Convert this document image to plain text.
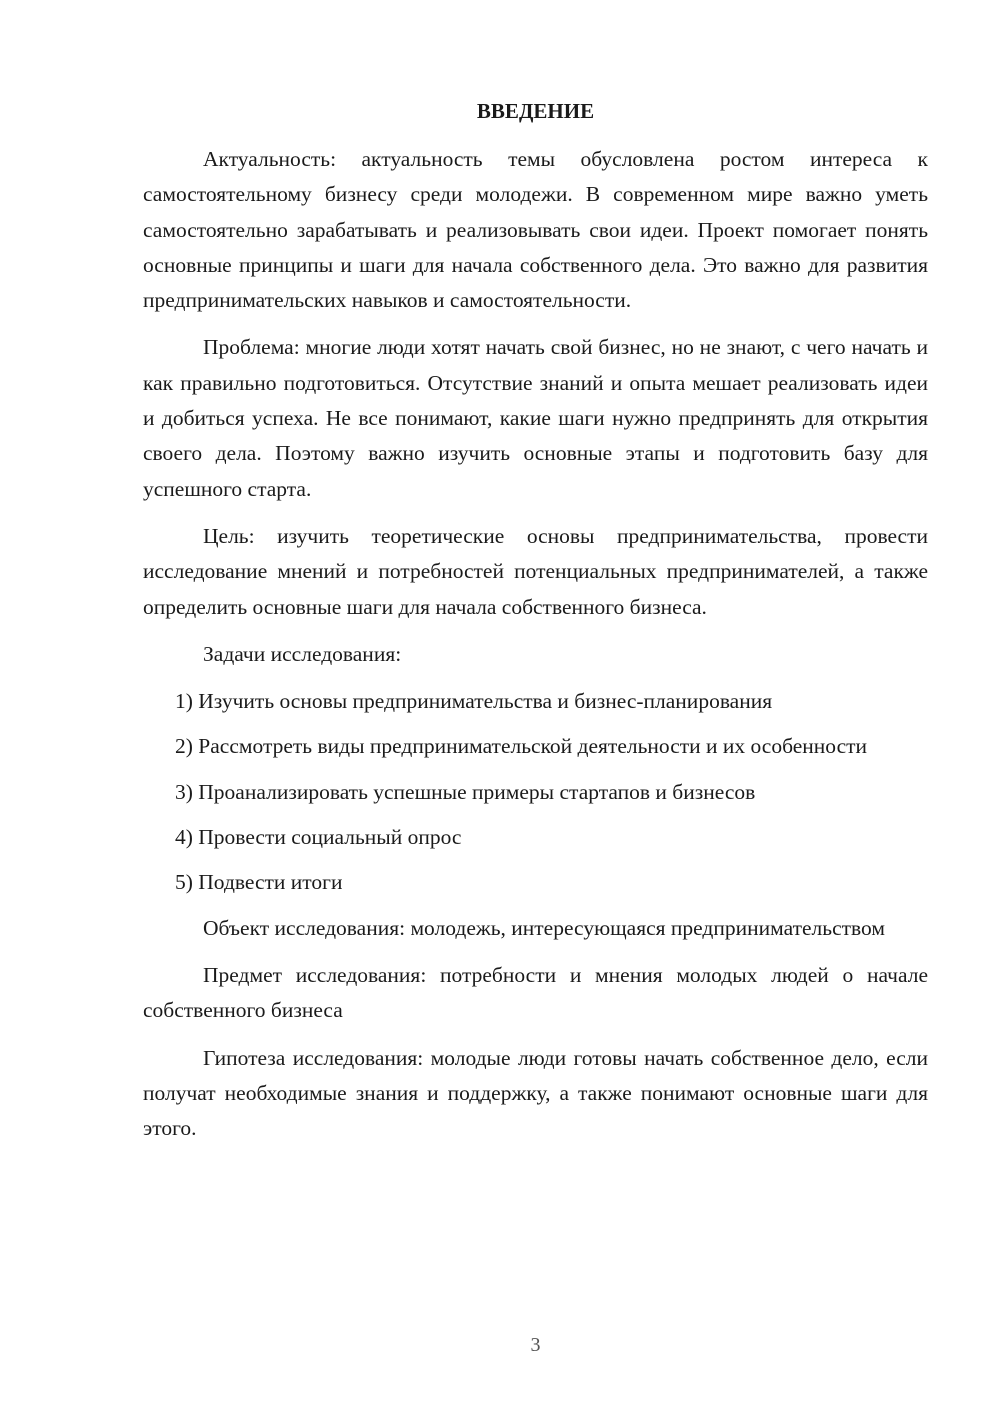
ВВЕДЕНИЕ

Актуальность: актуальность темы обусловлена ростом интереса к самостоятельному бизнесу среди молодежи. В современном мире важно уметь самостоятельно зарабатывать и реализовывать свои идеи. Проект помогает понять основные принципы и шаги для начала собственного дела. Это важно для развития предпринимательских навыков и самостоятельности.

Проблема: многие люди хотят начать свой бизнес, но не знают, с чего начать и как правильно подготовиться. Отсутствие знаний и опыта мешает реализовать идеи и добиться успеха. Не все понимают, какие шаги нужно предпринять для открытия своего дела. Поэтому важно изучить основные этапы и подготовить базу для успешного старта.

Цель: изучить теоретические основы предпринимательства, провести исследование мнений и потребностей потенциальных предпринимателей, а также определить основные шаги для начала собственного бизнеса.

Задачи исследования:

1) Изучить основы предпринимательства и бизнес-планирования

2) Рассмотреть виды предпринимательской деятельности и их особенности

3) Проанализировать успешные примеры стартапов и бизнесов

4) Провести социальный опрос

5) Подвести итоги

Объект исследования: молодежь, интересующаяся предпринимательством

Предмет исследования: потребности и мнения молодых людей о начале собственного бизнеса

Гипотеза исследования: молодые люди готовы начать собственное дело, если получат необходимые знания и поддержку, а также понимают основные шаги для этого.

3
